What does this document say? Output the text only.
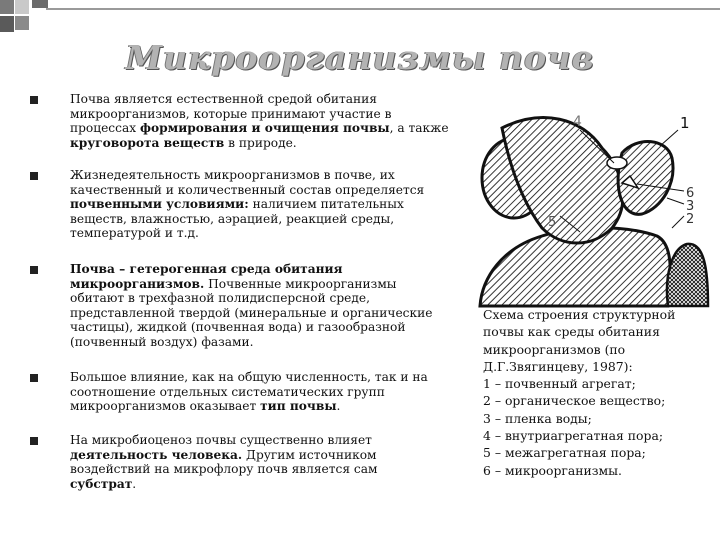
Микроорганизмы почв
Почва является естественной средой обитания микроорганизмов, которые принимают участие в процессах формирования и очищения почвы, а также круговорота веществ в природе.
Жизнедеятельность микроорганизмов в почве, их качественный и количественный состав определяется почвенными условиями: наличием питательных веществ, влажностью, аэрацией, реакцией среды, температурой и т.д.
Почва – гетерогенная среда обитания микроорганизмов. Почвенные микроорганизмы обитают в трехфазной полидисперсной среде, представленной твердой (минеральные и органические частицы), жидкой (почвенная вода) и газообразной (почвенный воздух) фазами.
Большое влияние, как на общую численность, так и на соотношение отдельных систематических групп микроорганизмов оказывает тип почвы.
На микробиоценоз почвы существенно влияет деятельность человека. Другим источником воздействий на микрофлору почв является сам субстрат.
4	1
6
3
2
5
Схема строения структурной
почвы как среды обитания
микроорганизмов (по
Д.Г.Звягинцеву, 1987):
1 – почвенный агрегат;
2 – органическое вещество;
3 – пленка воды;
4 – внутриагрегатная пора;
5 – межагрегатная пора;
6 – микроорганизмы.
